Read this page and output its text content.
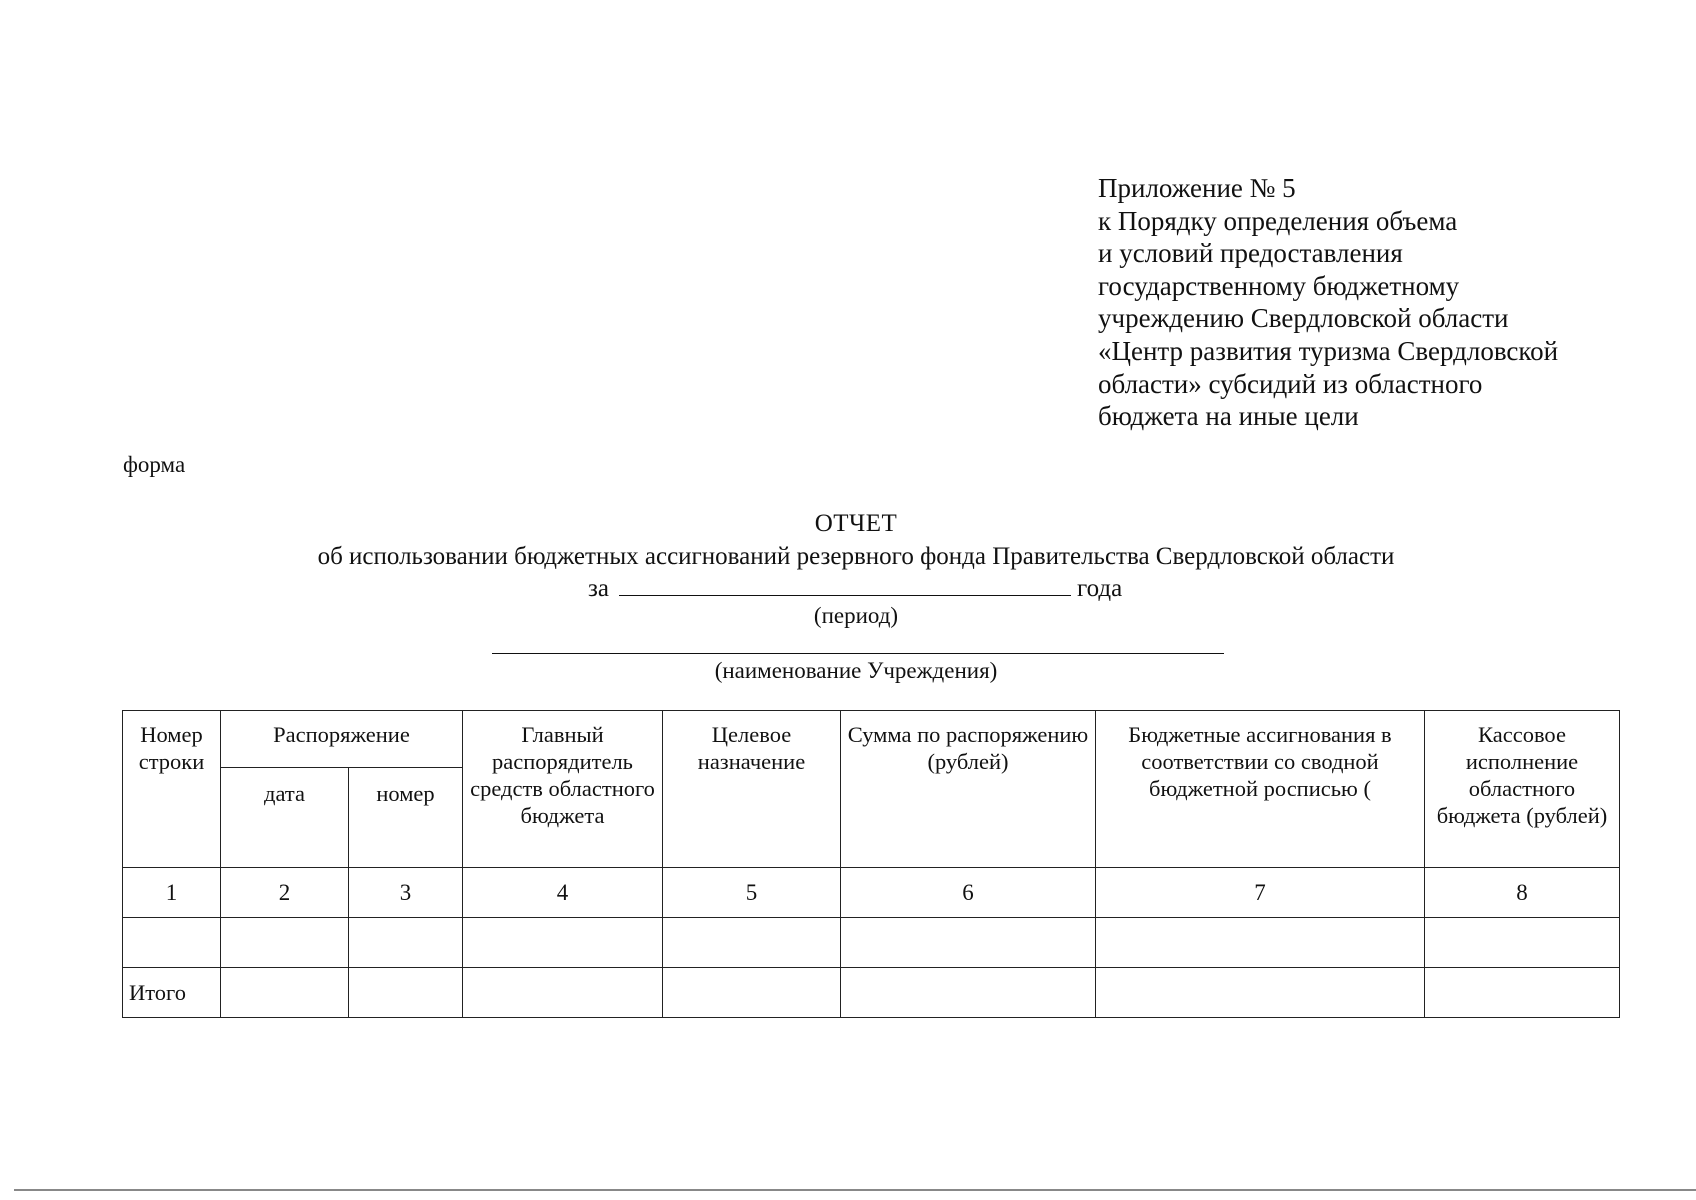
Приложение № 5
к Порядку определения объема
и условий предоставления
государственному бюджетному
учреждению Свердловской области
«Центр развития туризма Свердловской
области» субсидий из областного
бюджета на иные цели
форма
ОТЧЕТ
об использовании бюджетных ассигнований резервного фонда Правительства Свердловской области
за	года
(период)
(наименование Учреждения)
Номер строки	Распоряжение		Главный распорядитель средств областного бюджета	Целевое назначение	Сумма по распоряжению (рублей)	Бюджетные ассигнования в соответствии со сводной бюджетной росписью (	Кассовое исполнение областного бюджета (рублей)
	дата	номер					
1	2	3	4	5	6	7	8

Итого							
